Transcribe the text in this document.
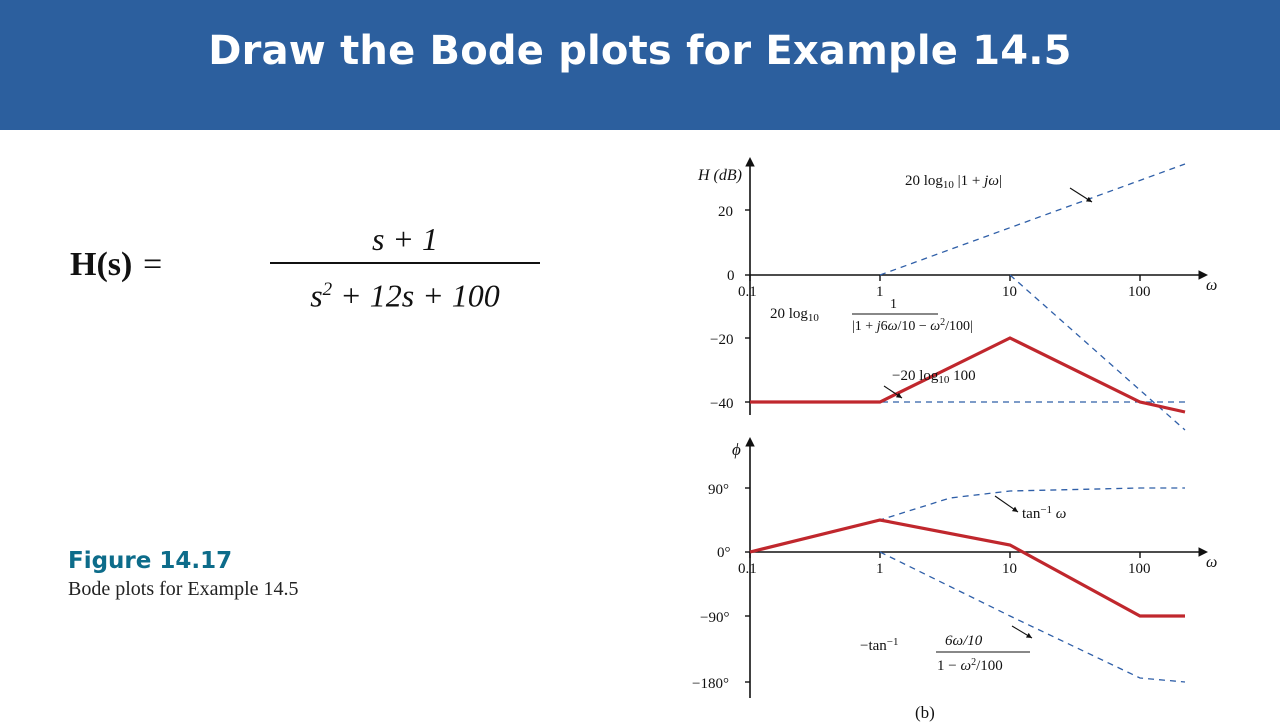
Draw the Bode plots for Example 14.5
H(s) =
s + 1
$s^2 + 12s + 100$
Figure 14.17
Bode plots for Example 14.5
H (dB)
ω
20
0
−20
−40
0.1	1	10	100
20 $\log_{10} |1 + j\omega|$
20 $\log_{10}$
1
$|1 + j6\omega/10 - \omega^2/100|$
−20 $\log_{10} 100$
ϕ
ω
90°
0°
−90°
−180°
0.1	1	10	100
$\tan^{-1} \omega$
$-\tan^{-1}$	6ω/10
$1 - \omega^2/100$
(b)
